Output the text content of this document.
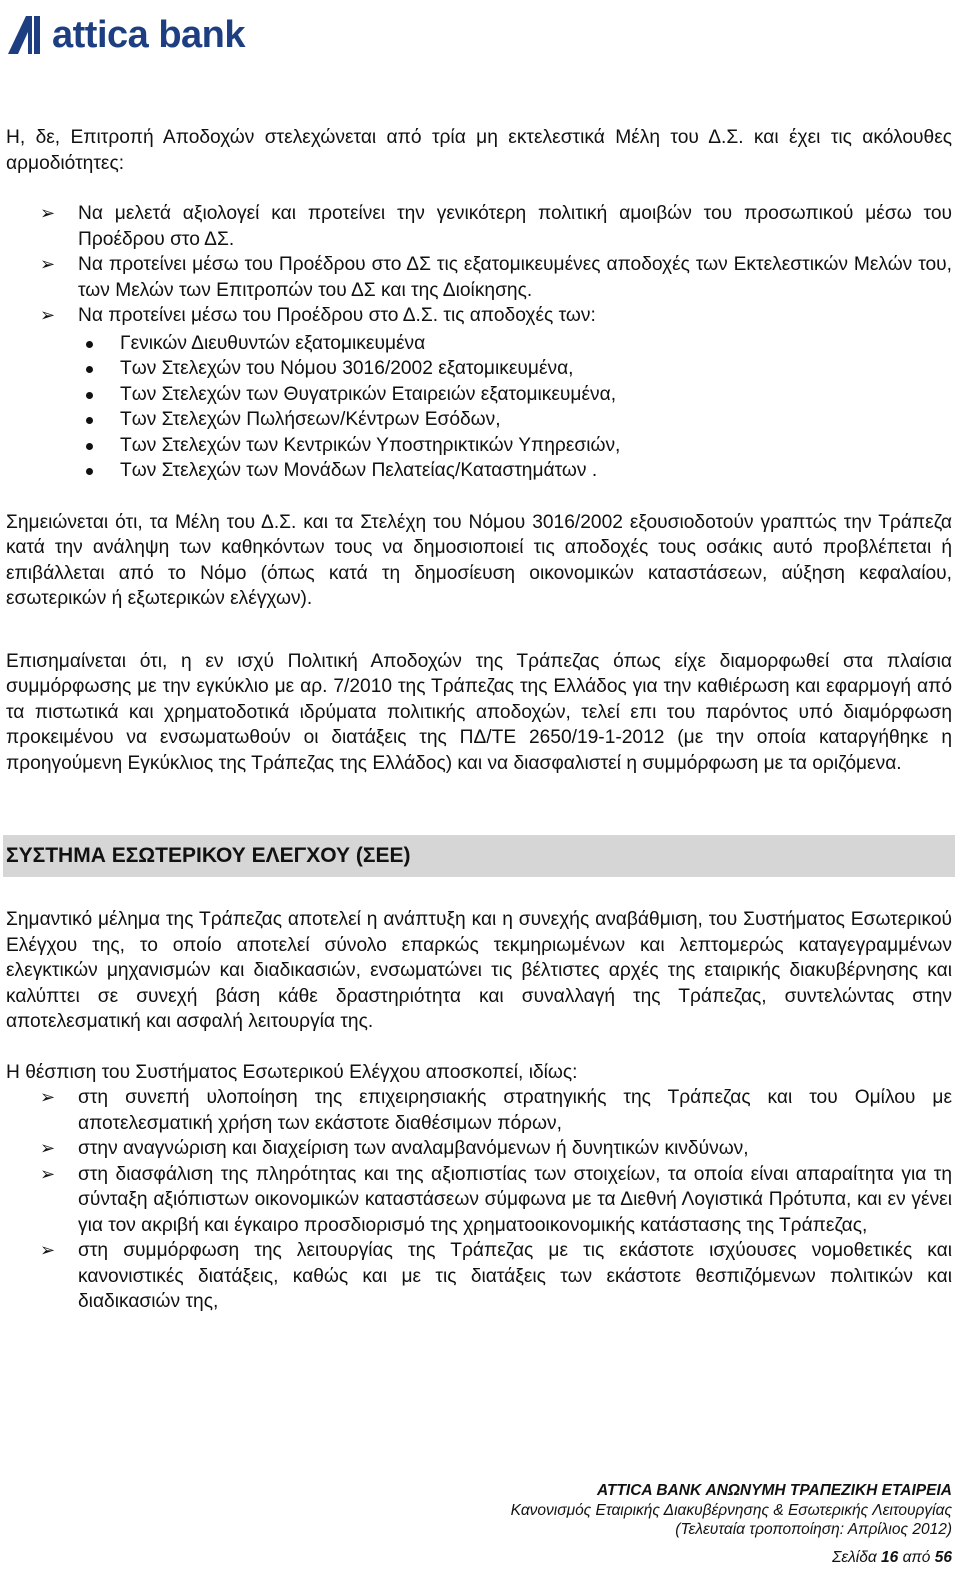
attica bank

Η, δε, Επιτροπή Αποδοχών στελεχώνεται από τρία μη εκτελεστικά Μέλη του Δ.Σ. και έχει τις ακόλουθες αρμοδιότητες:

➢ Να μελετά αξιολογεί και προτείνει την γενικότερη πολιτική αμοιβών του προσωπικού μέσω του Προέδρου στο ΔΣ.
➢ Να προτείνει μέσω του Προέδρου στο ΔΣ τις εξατομικευμένες αποδοχές των Εκτελεστικών Μελών του, των Μελών των Επιτροπών του ΔΣ και της Διοίκησης.
➢ Να προτείνει μέσω του Προέδρου στο Δ.Σ. τις αποδοχές των:
Γενικών Διευθυντών εξατομικευμένα
Των Στελεχών του Νόμου 3016/2002 εξατομικευμένα,
Των Στελεχών των Θυγατρικών Εταιρειών εξατομικευμένα,
Των Στελεχών Πωλήσεων/Κέντρων Εσόδων,
Των Στελεχών των Κεντρικών Υποστηρικτικών Υπηρεσιών,
Των Στελεχών των Μονάδων Πελατείας/Καταστημάτων .

Σημειώνεται ότι, τα Μέλη του Δ.Σ. και τα Στελέχη του Νόμου 3016/2002 εξουσιοδοτούν γραπτώς την Τράπεζα κατά την ανάληψη των καθηκόντων τους να δημοσιοποιεί τις αποδοχές τους οσάκις αυτό προβλέπεται ή επιβάλλεται από το Νόμο (όπως κατά τη δημοσίευση οικονομικών καταστάσεων, αύξηση κεφαλαίου, εσωτερικών ή εξωτερικών ελέγχων).

Επισημαίνεται ότι, η εν ισχύ Πολιτική Αποδοχών της Τράπεζας όπως είχε διαμορφωθεί στα πλαίσια συμμόρφωσης με την εγκύκλιο με αρ. 7/2010 της Τράπεζας της Ελλάδος για την καθιέρωση και εφαρμογή από τα πιστωτικά και χρηματοδοτικά ιδρύματα πολιτικής αποδοχών, τελεί επι του παρόντος υπό διαμόρφωση προκειμένου να ενσωματωθούν οι διατάξεις της ΠΔ/ΤΕ 2650/19-1-2012 (με την οποία καταργήθηκε η προηγούμενη Εγκύκλιος της Τράπεζας της Ελλάδος) και να διασφαλιστεί η συμμόρφωση με τα οριζόμενα.

ΣΥΣΤΗΜΑ ΕΣΩΤΕΡΙΚΟΥ ΕΛΕΓΧΟΥ (ΣΕΕ)

Σημαντικό μέλημα της Τράπεζας αποτελεί η ανάπτυξη και η συνεχής αναβάθμιση, του Συστήματος Εσωτερικού Ελέγχου της, το οποίο αποτελεί σύνολο επαρκώς τεκμηριωμένων και λεπτομερώς καταγεγραμμένων ελεγκτικών μηχανισμών και διαδικασιών, ενσωματώνει τις βέλτιστες αρχές της εταιρικής διακυβέρνησης και καλύπτει σε συνεχή βάση κάθε δραστηριότητα και συναλλαγή της Τράπεζας, συντελώντας στην αποτελεσματική και ασφαλή λειτουργία της.

Η θέσπιση του Συστήματος Εσωτερικού Ελέγχου αποσκοπεί, ιδίως:

➢ στη συνεπή υλοποίηση της επιχειρησιακής στρατηγικής της Τράπεζας και του Ομίλου με αποτελεσματική χρήση των εκάστοτε διαθέσιμων πόρων,
➢ στην αναγνώριση και διαχείριση των αναλαμβανόμενων ή δυνητικών κινδύνων,
➢ στη διασφάλιση της πληρότητας και της αξιοπιστίας των στοιχείων, τα οποία είναι απαραίτητα για τη σύνταξη αξιόπιστων οικονομικών καταστάσεων σύμφωνα με τα Διεθνή Λογιστικά Πρότυπα, και εν γένει για τον ακριβή και έγκαιρο προσδιορισμό της χρηματοοικονομικής κατάστασης της Τράπεζας,
➢ στη συμμόρφωση της λειτουργίας της Τράπεζας με τις εκάστοτε ισχύουσες νομοθετικές και κανονιστικές διατάξεις, καθώς και με τις διατάξεις των εκάστοτε θεσπιζόμενων πολιτικών και διαδικασιών της,
ATTICA BANK ΑΝΩΝΥΜΗ ΤΡΑΠΕΖΙΚΗ ΕΤΑΙΡΕΙΑ
Κανονισμός Εταιρικής Διακυβέρνησης & Εσωτερικής Λειτουργίας
(Τελευταία τροποποίηση: Απρίλιος 2012)
Σελίδα 16 από 56
